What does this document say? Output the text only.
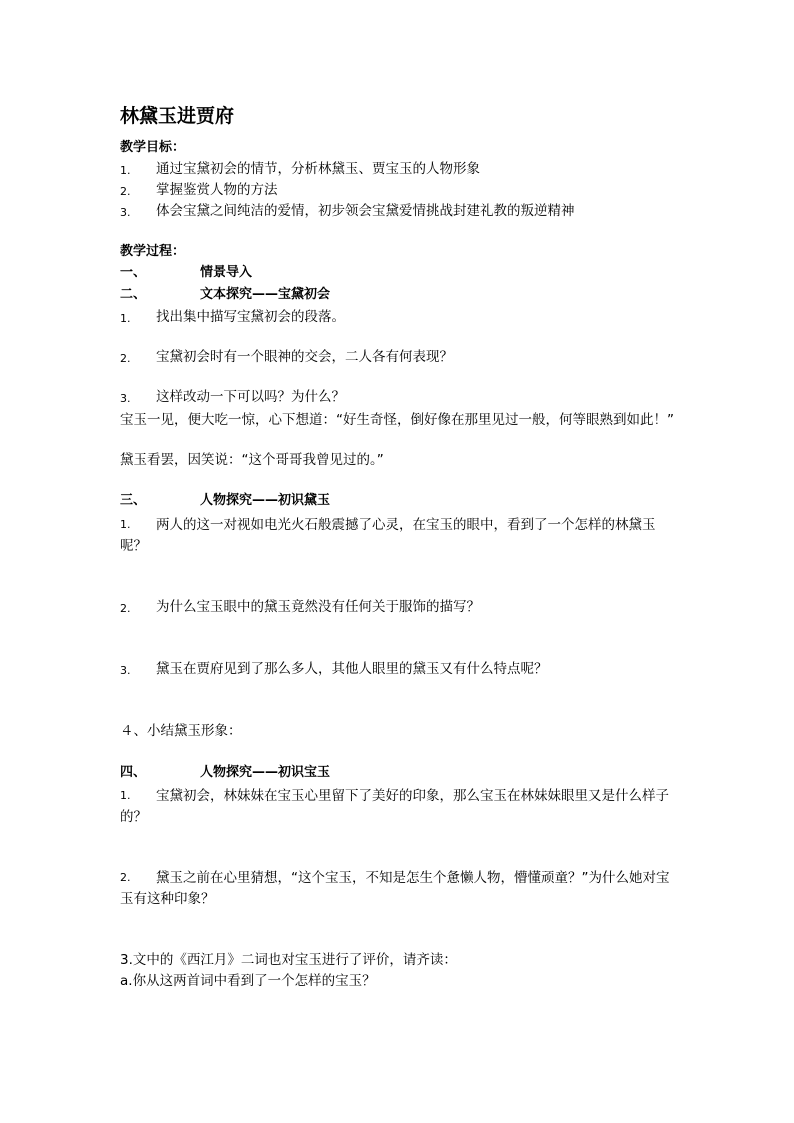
林黛玉进贾府
教学目标：
1. 通过宝黛初会的情节，分析林黛玉、贾宝玉的人物形象
2. 掌握鉴赏人物的方法
3. 体会宝黛之间纯洁的爱情，初步领会宝黛爱情挑战封建礼教的叛逆精神
教学过程：
一、	情景导入
二、	文本探究——宝黛初会
1. 找出集中描写宝黛初会的段落。
2. 宝黛初会时有一个眼神的交会，二人各有何表现？
3. 这样改动一下可以吗？为什么？
宝玉一见，便大吃一惊，心下想道：“好生奇怪，倒好像在那里见过一般，何等眼熟到如此！”
黛玉看罢，因笑说：“这个哥哥我曾见过的。”
三、	人物探究——初识黛玉
1.	两人的这一对视如电光火石般震撼了心灵，在宝玉的眼中，看到了一个怎样的林黛玉呢？
2. 为什么宝玉眼中的黛玉竟然没有任何关于服饰的描写？
3. 黛玉在贾府见到了那么多人，其他人眼里的黛玉又有什么特点呢？
４、小结黛玉形象：
四、	人物探究——初识宝玉
1.	宝黛初会，林妹妹在宝玉心里留下了美好的印象，那么宝玉在林妹妹眼里又是什么样子的？
2.	黛玉之前在心里猜想，“这个宝玉，不知是怎生个惫懒人物，懵懂顽童？”为什么她对宝玉有这种印象？
3.文中的《西江月》二词也对宝玉进行了评价，请齐读：
a.你从这两首词中看到了一个怎样的宝玉？
